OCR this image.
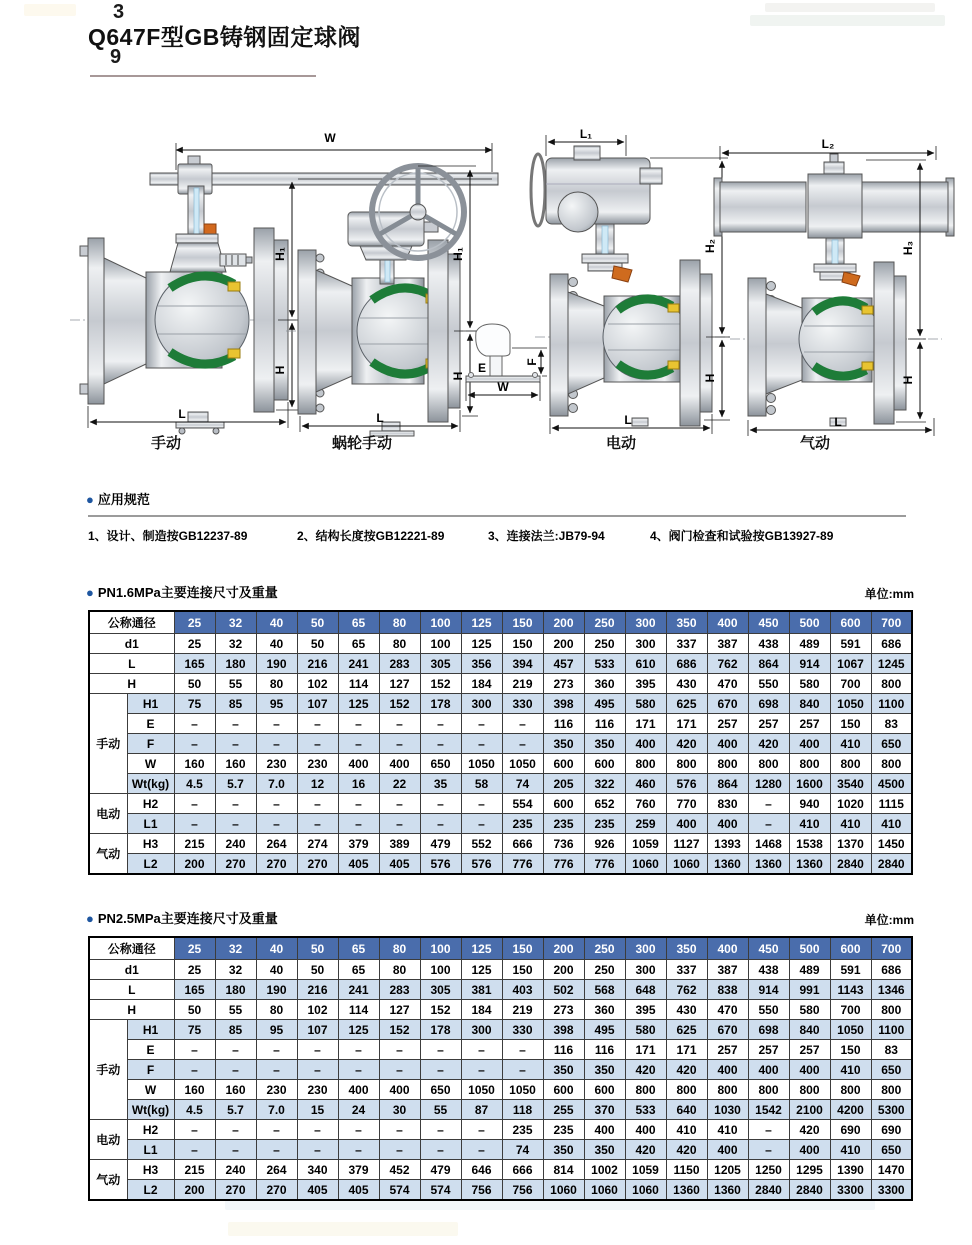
3
Q647F型GB铸钢固定球阀
9
W
H₁
H
L
H₁
H
L
L₁
H₂
H
L
E	F
W
L₂
H₃
H
L
手动	蜗轮手动	电动	气动
● 应用规范
1、设计、制造按GB12237-89	2、结构长度按GB12221-89	3、连接法兰:JB79-94	4、阀门检查和试验按GB13927-89
● PN1.6MPa主要连接尺寸及重量	单位:mm
公称通径		25	32	40	50	65	80	100	125	150	200	250	300	350	400	450	500	600	700
d1		25	32	40	50	65	80	100	125	150	200	250	300	337	387	438	489	591	686
L		165	180	190	216	241	283	305	356	394	457	533	610	686	762	864	914	1067	1245
H		50	55	80	102	114	127	152	184	219	273	360	395	430	470	550	580	700	800
手动	H1	75	85	95	107	125	152	178	300	330	398	495	580	625	670	698	840	1050	1100
	E	–	–	–	–	–	–	–	–	–	116	116	171	171	257	257	257	150	83
	F	–	–	–	–	–	–	–	–	–	350	350	400	420	400	420	400	410	650
	W	160	160	230	230	400	400	650	1050	1050	600	600	800	800	800	800	800	800	800
	Wt(kg)	4.5	5.7	7.0	12	16	22	35	58	74	205	322	460	576	864	1280	1600	3540	4500
电动	H2	–	–	–	–	–	–	–	–	554	600	652	760	770	830	–	940	1020	1115
	L1	–	–	–	–	–	–	–	–	235	235	235	259	400	400	–	410	410	410
气动	H3	215	240	264	274	379	389	479	552	666	736	926	1059	1127	1393	1468	1538	1370	1450
	L2	200	270	270	270	405	405	576	576	776	776	776	1060	1060	1360	1360	1360	2840	2840
● PN2.5MPa主要连接尺寸及重量	单位:mm
公称通径		25	32	40	50	65	80	100	125	150	200	250	300	350	400	450	500	600	700
d1		25	32	40	50	65	80	100	125	150	200	250	300	337	387	438	489	591	686
L		165	180	190	216	241	283	305	381	403	502	568	648	762	838	914	991	1143	1346
H		50	55	80	102	114	127	152	184	219	273	360	395	430	470	550	580	700	800
手动	H1	75	85	95	107	125	152	178	300	330	398	495	580	625	670	698	840	1050	1100
	E	–	–	–	–	–	–	–	–	–	116	116	171	171	257	257	257	150	83
	F	–	–	–	–	–	–	–	–	–	350	350	420	420	400	400	400	410	650
	W	160	160	230	230	400	400	650	1050	1050	600	600	800	800	800	800	800	800	800
	Wt(kg)	4.5	5.7	7.0	15	24	30	55	87	118	255	370	533	640	1030	1542	2100	4200	5300
电动	H2	–	–	–	–	–	–	–	–	235	235	400	400	410	410	–	420	690	690
	L1	–	–	–	–	–	–	–	–	74	350	350	420	420	400	–	400	410	650
气动	H3	215	240	264	340	379	452	479	646	666	814	1002	1059	1150	1205	1250	1295	1390	1470
	L2	200	270	270	405	405	574	574	756	756	1060	1060	1060	1360	1360	2840	2840	3300	3300
